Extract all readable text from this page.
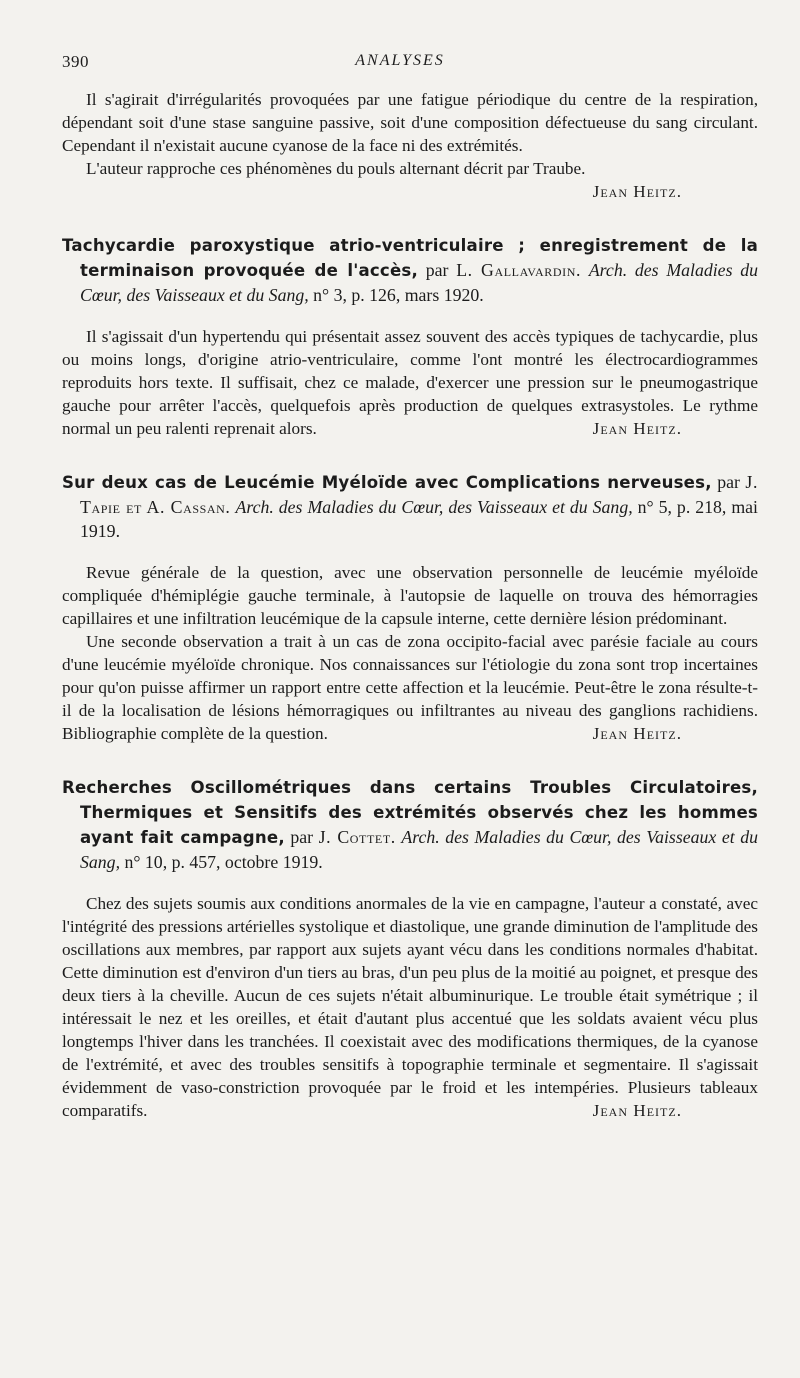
390	ANALYSES

Il s'agirait d'irrégularités provoquées par une fatigue périodique du centre de la respiration, dépendant soit d'une stase sanguine passive, soit d'une composition défectueuse du sang circulant. Cependant il n'existait aucune cyanose de la face ni des extrémités.

L'auteur rapproche ces phénomènes du pouls alternant décrit par Traube.

Jean Heitz.
Tachycardie paroxystique atrio-ventriculaire ; enregistrement de la terminaison provoquée de l'accès, par L. Gallavardin. Arch. des Maladies du Cœur, des Vaisseaux et du Sang, n° 3, p. 126, mars 1920.

Il s'agissait d'un hypertendu qui présentait assez souvent des accès typiques de tachycardie, plus ou moins longs, d'origine atrio-ventriculaire, comme l'ont montré les électrocardiogrammes reproduits hors texte. Il suffisait, chez ce malade, d'exercer une pression sur le pneumogastrique gauche pour arrêter l'accès, quelquefois après production de quelques extrasystoles. Le rythme normal un peu ralenti reprenait alors.	Jean Heitz.

Sur deux cas de Leucémie Myéloïde avec Complications nerveuses, par J. Tapie et A. Cassan. Arch. des Maladies du Cœur, des Vaisseaux et du Sang, n° 5, p. 218, mai 1919.

Revue générale de la question, avec une observation personnelle de leucémie myéloïde compliquée d'hémiplégie gauche terminale, à l'autopsie de laquelle on trouva des hémorragies capillaires et une infiltration leucémique de la capsule interne, cette dernière lésion prédominant.

Une seconde observation a trait à un cas de zona occipito-facial avec parésie faciale au cours d'une leucémie myéloïde chronique. Nos connaissances sur l'étiologie du zona sont trop incertaines pour qu'on puisse affirmer un rapport entre cette affection et la leucémie. Peut-être le zona résulte-t-il de la localisation de lésions hémorragiques ou infiltrantes au niveau des ganglions rachidiens. Bibliographie complète de la question.	Jean Heitz.

Recherches Oscillométriques dans certains Troubles Circulatoires, Thermiques et Sensitifs des extrémités observés chez les hommes ayant fait campagne, par J. Cottet. Arch. des Maladies du Cœur, des Vaisseaux et du Sang, n° 10, p. 457, octobre 1919.

Chez des sujets soumis aux conditions anormales de la vie en campagne, l'auteur a constaté, avec l'intégrité des pressions artérielles systolique et diastolique, une grande diminution de l'amplitude des oscillations aux membres, par rapport aux sujets ayant vécu dans les conditions normales d'habitat. Cette diminution est d'environ d'un tiers au bras, d'un peu plus de la moitié au poignet, et presque des deux tiers à la cheville. Aucun de ces sujets n'était albuminurique. Le trouble était symétrique ; il intéressait le nez et les oreilles, et était d'autant plus accentué que les soldats avaient vécu plus longtemps l'hiver dans les tranchées. Il coexistait avec des modifications thermiques, de la cyanose de l'extrémité, et avec des troubles sensitifs à topographie terminale et segmentaire. Il s'agissait évidemment de vaso-constriction provoquée par le froid et les intempéries. Plusieurs tableaux comparatifs.	Jean Heitz.
